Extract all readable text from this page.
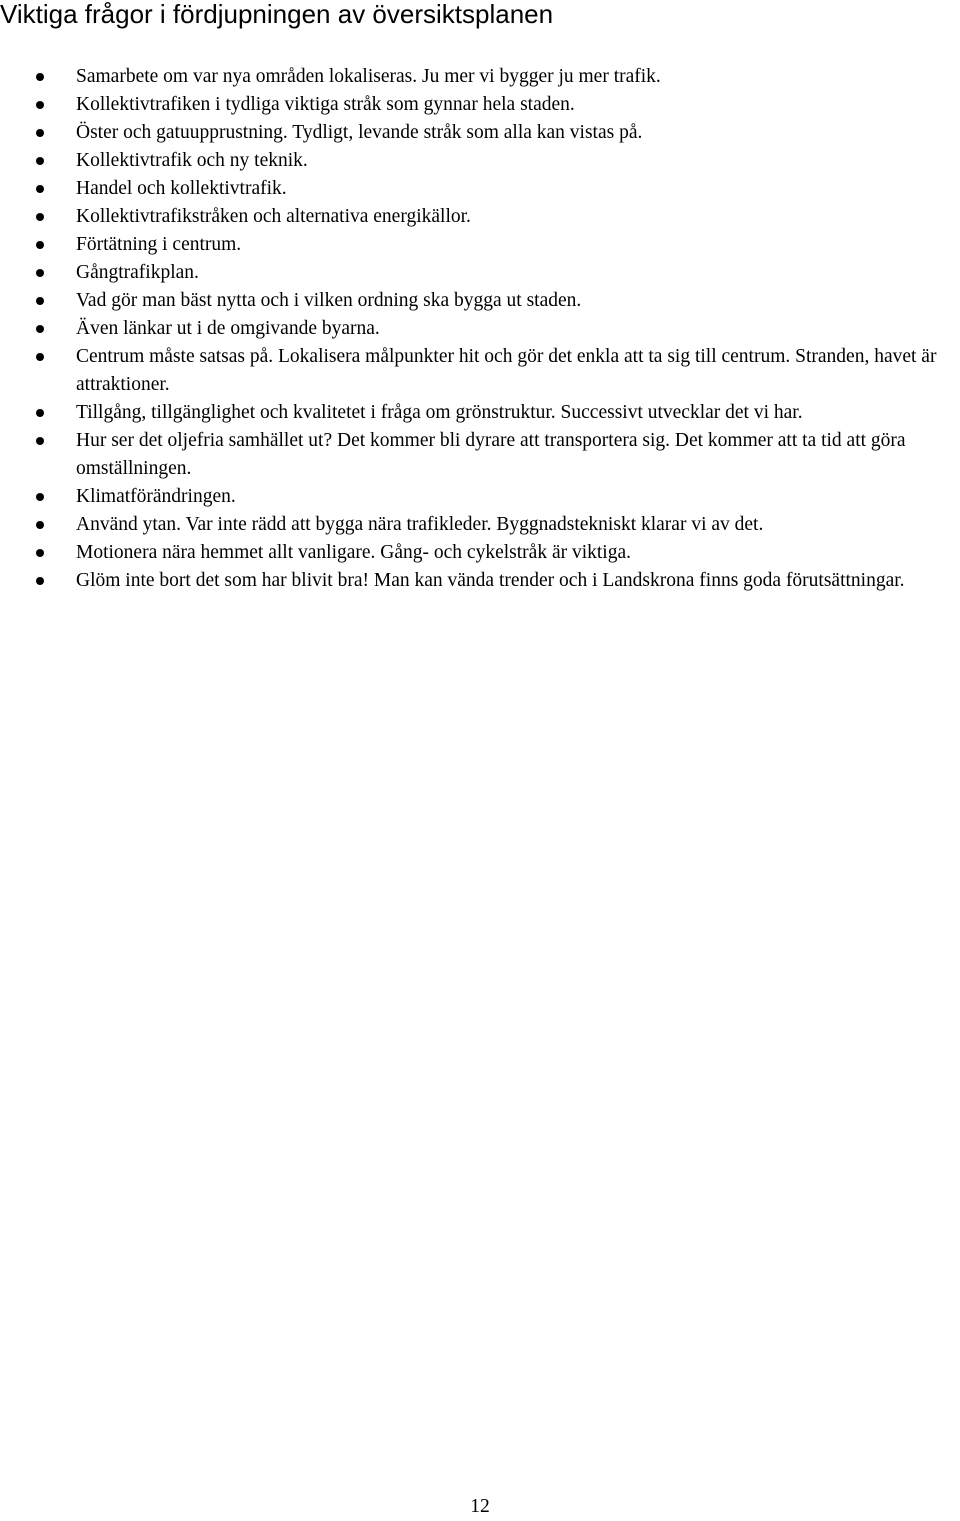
Viktiga frågor i fördjupningen av översiktsplanen
Samarbete om var nya områden lokaliseras. Ju mer vi bygger ju mer trafik.
Kollektivtrafiken i tydliga viktiga stråk som gynnar hela staden.
Öster och gatuupprustning. Tydligt, levande stråk som alla kan vistas på.
Kollektivtrafik och ny teknik.
Handel och kollektivtrafik.
Kollektivtrafikstråken och alternativa energikällor.
Förtätning i centrum.
Gångtrafikplan.
Vad gör man bäst nytta och i vilken ordning ska bygga ut staden.
Även länkar ut i de omgivande byarna.
Centrum måste satsas på. Lokalisera målpunkter hit och gör det enkla att ta sig till centrum. Stranden, havet är attraktioner.
Tillgång, tillgänglighet och kvalitetet i fråga om grönstruktur. Successivt utvecklar det vi har.
Hur ser det oljefria samhället ut? Det kommer bli dyrare att transportera sig. Det kommer att ta tid att göra omställningen.
Klimatförändringen.
Använd ytan. Var inte rädd att bygga nära trafikleder. Byggnadstekniskt klarar vi av det.
Motionera nära hemmet allt vanligare. Gång- och cykelstråk är viktiga.
Glöm inte bort det som har blivit bra! Man kan vända trender och i Landskrona finns goda förutsättningar.
12
